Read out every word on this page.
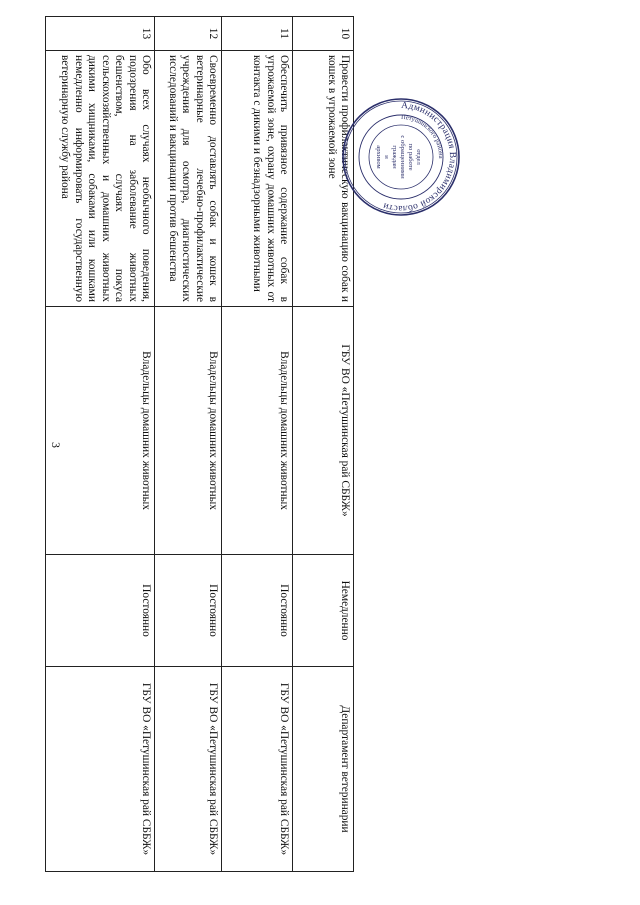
3
10	Провести профилактическую вакцинацию собак и кошек в угрожаемой зоне	ГБУ ВО «Петушинская рай СББЖ»	Немедленно	Департамент ветеринарии
11	Обеспечить привязное содержание собак в угрожаемой зоне, охрану домашних животных от контакта с дикими и безнадзорными животными	Владельцы домашних животных	Постоянно	ГБУ ВО «Петушинская рай СББЖ»
12	Своевременно доставлять собак и кошек в ветеринарные лечебно-профилактические учреждения для осмотра, диагностических исследований и вакцинации против бешенства	Владельцы домашних животных	Постоянно	ГБУ ВО «Петушинская рай СББЖ»
13	Обо всех случаях необычного поведения, подозрения на заболевание животных бешенством, случаях покуса сельскохозяйственных и домашних животных дикими хищниками, собаками или кошками немедленно информировать государственную ветеринарную службу района	Владельцы домашних животных	Постоянно	ГБУ ВО «Петушинская рай СББЖ»
Администрация Владимирской области
Петушинского района
отдел
по работе
с обращениями
граждан
и
архивом
